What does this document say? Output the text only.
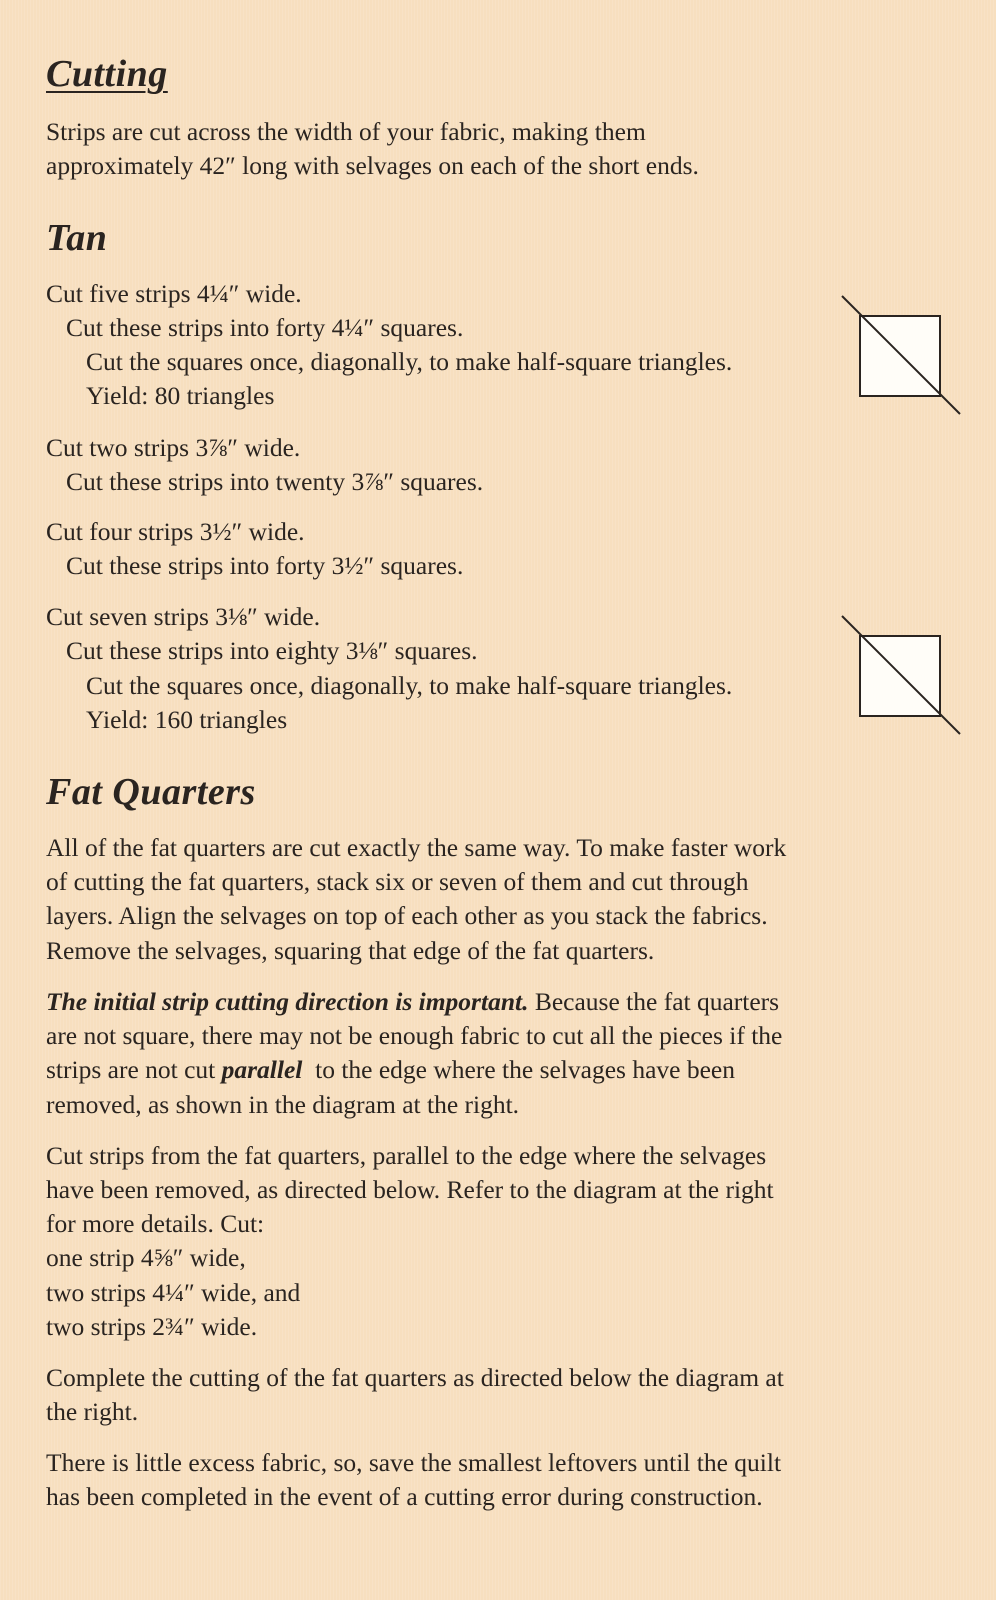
Cutting
Strips are cut across the width of your fabric, making them
approximately 42″ long with selvages on each of the short ends.
Tan
Cut five strips 4¼″ wide.
Cut these strips into forty 4¼″ squares.
Cut the squares once, diagonally, to make half-square triangles.
Yield: 80 triangles
Cut two strips 3⅞″ wide.
Cut these strips into twenty 3⅞″ squares.
Cut four strips 3½″ wide.
Cut these strips into forty 3½″ squares.
Cut seven strips 3⅛″ wide.
Cut these strips into eighty 3⅛″ squares.
Cut the squares once, diagonally, to make half-square triangles.
Yield: 160 triangles
Fat Quarters
All of the fat quarters are cut exactly the same way. To make faster work
of cutting the fat quarters, stack six or seven of them and cut through
layers. Align the selvages on top of each other as you stack the fabrics.
Remove the selvages, squaring that edge of the fat quarters.
The initial strip cutting direction is important. Because the fat quarters
are not square, there may not be enough fabric to cut all the pieces if the
strips are not cut parallel  to the edge where the selvages have been
removed, as shown in the diagram at the right.
Cut strips from the fat quarters, parallel to the edge where the selvages
have been removed, as directed below. Refer to the diagram at the right
for more details. Cut:
one strip 4⅝″ wide,
two strips 4¼″ wide, and
two strips 2¾″ wide.
Complete the cutting of the fat quarters as directed below the diagram at
the right.
There is little excess fabric, so, save the smallest leftovers until the quilt
has been completed in the event of a cutting error during construction.
